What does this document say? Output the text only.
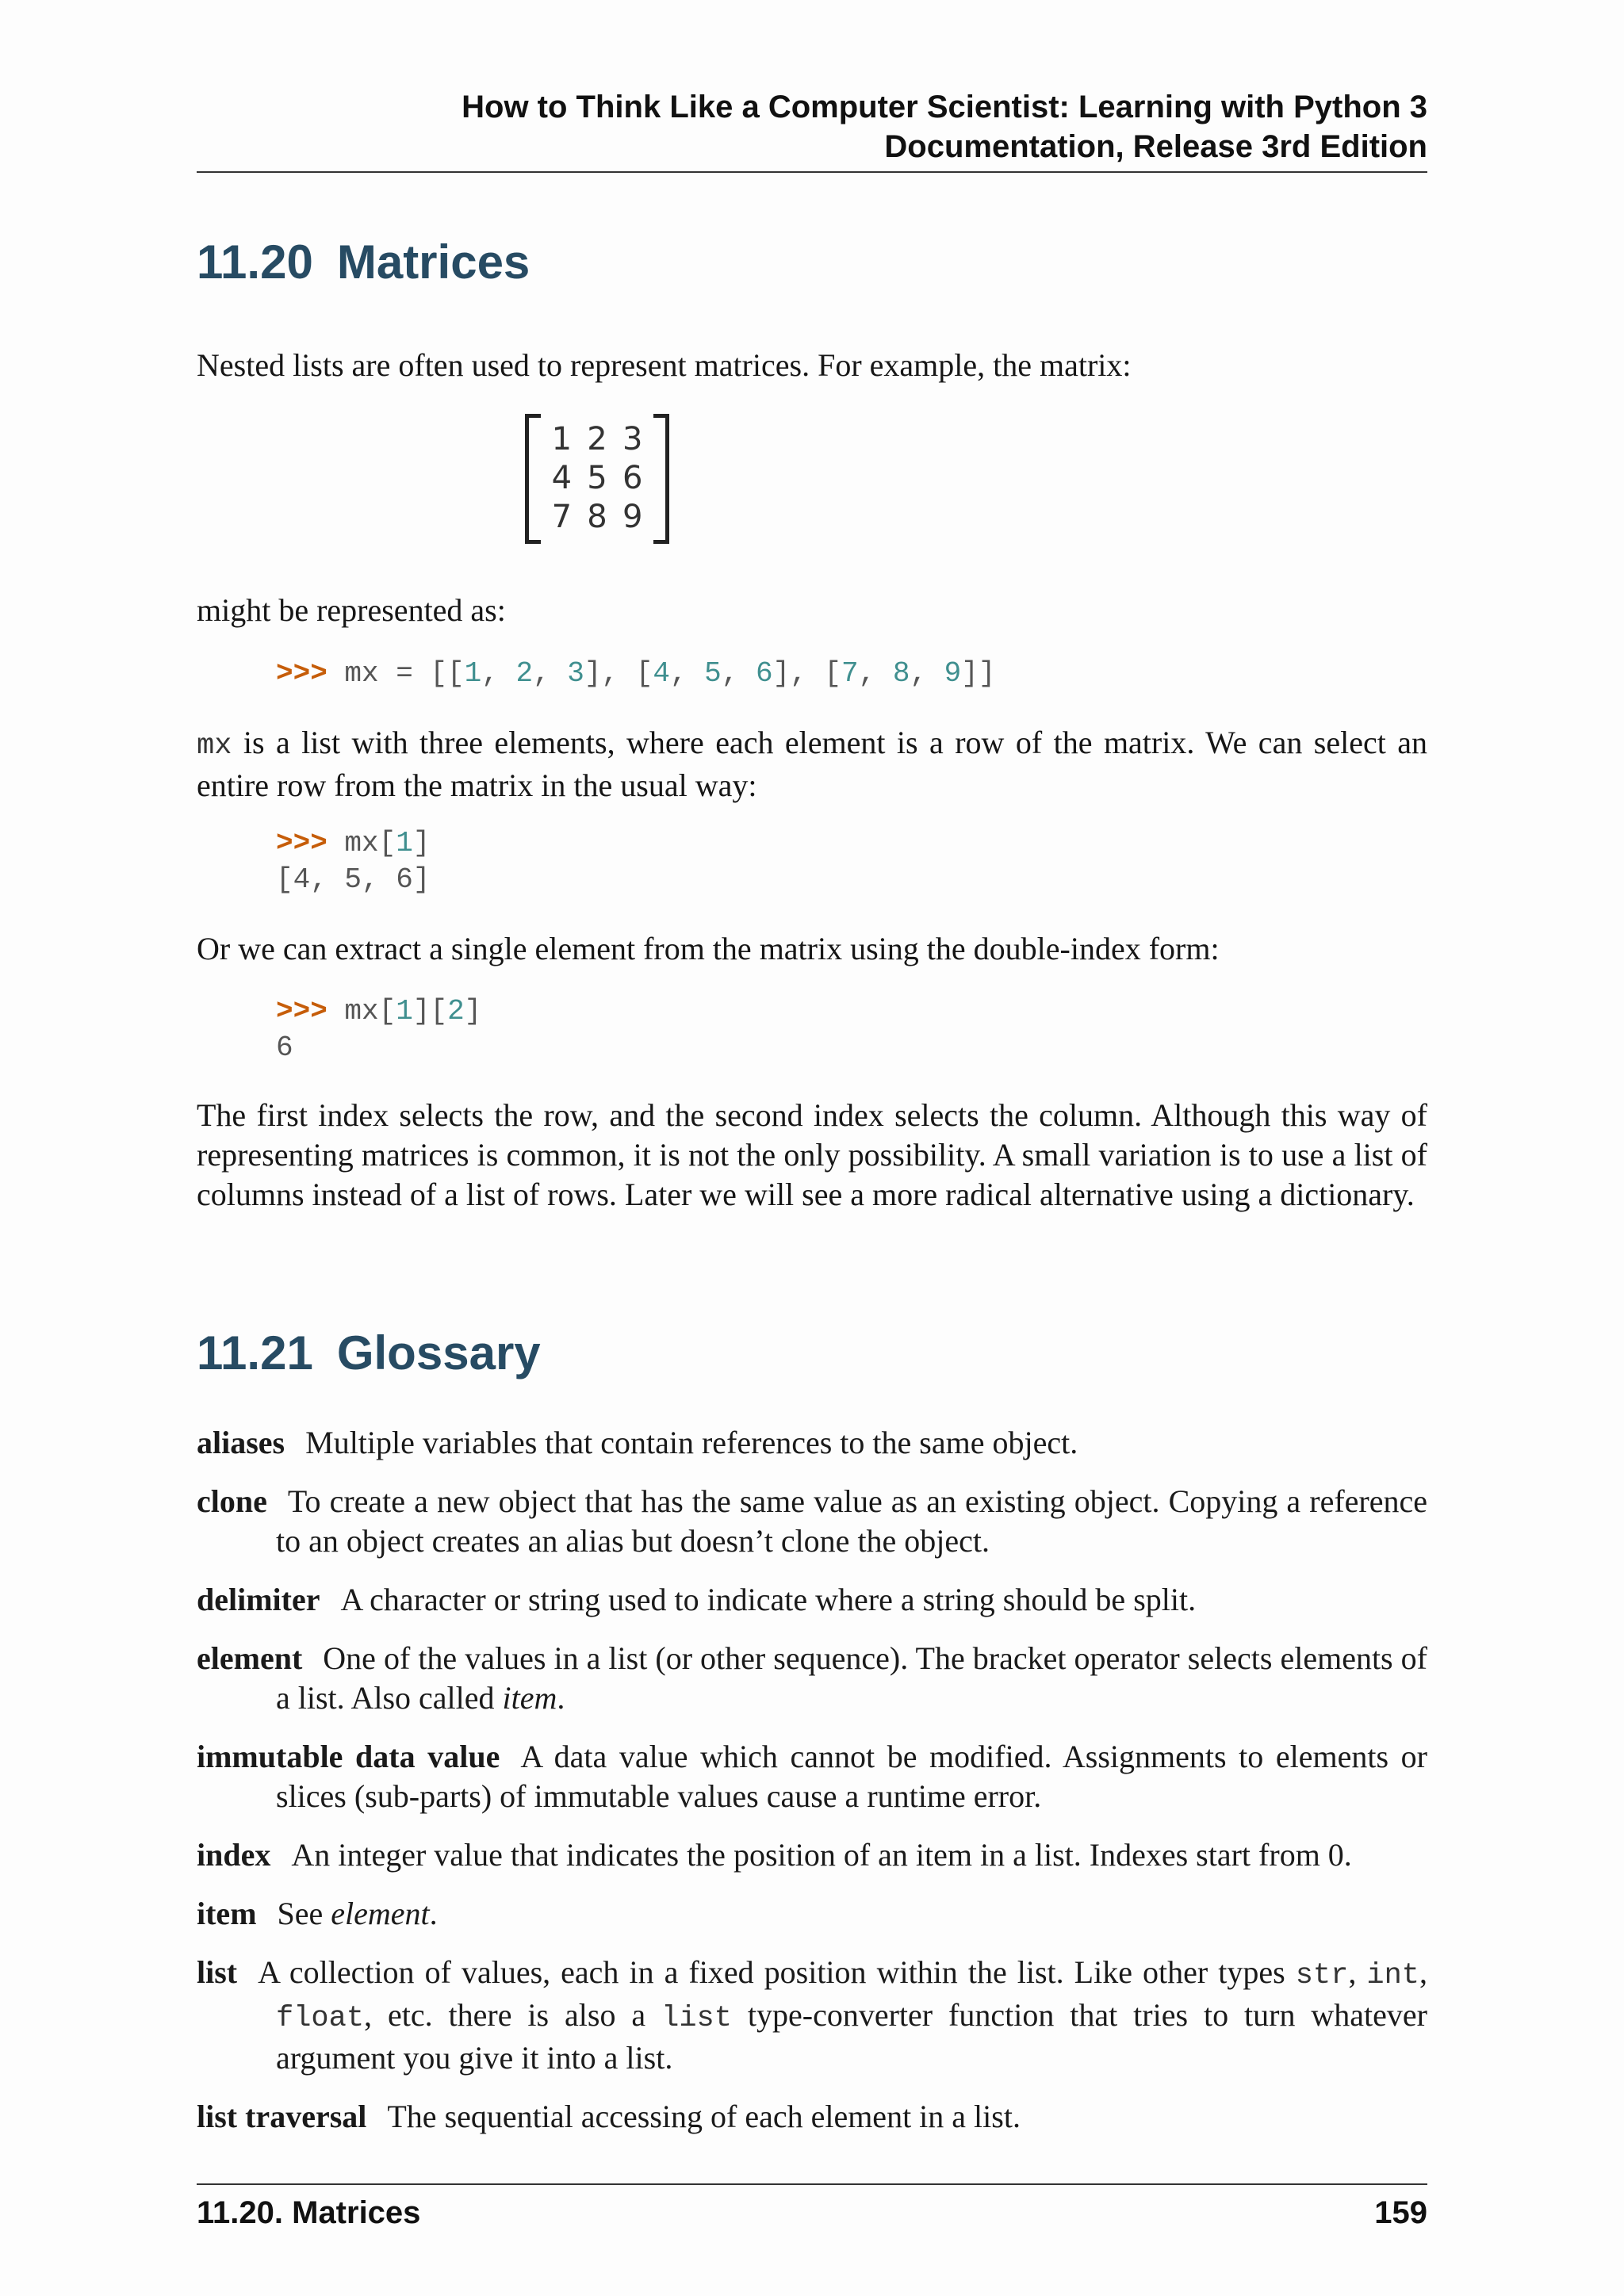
How to Think Like a Computer Scientist: Learning with Python 3
Documentation, Release 3rd Edition
11.20 Matrices

Nested lists are often used to represent matrices. For example, the matrix:

1 2 3
4 5 6
7 8 9

might be represented as:

>>> mx = [[1, 2, 3], [4, 5, 6], [7, 8, 9]]

mx is a list with three elements, where each element is a row of the matrix. We can select an entire row from the matrix in the usual way:

>>> mx[1]
[4, 5, 6]

Or we can extract a single element from the matrix using the double-index form:

>>> mx[1][2]
6

The first index selects the row, and the second index selects the column. Although this way of representing matrices is common, it is not the only possibility. A small variation is to use a list of columns instead of a list of rows. Later we will see a more radical alternative using a dictionary.

11.21 Glossary

aliases Multiple variables that contain references to the same object.

clone To create a new object that has the same value as an existing object. Copying a reference to an object creates an alias but doesn’t clone the object.

delimiter A character or string used to indicate where a string should be split.

element One of the values in a list (or other sequence). The bracket operator selects elements of a list. Also called item.

immutable data value A data value which cannot be modified. Assignments to elements or slices (sub-parts) of immutable values cause a runtime error.

index An integer value that indicates the position of an item in a list. Indexes start from 0.

item See element.

list A collection of values, each in a fixed position within the list. Like other types str, int, float, etc. there is also a list type-converter function that tries to turn whatever argument you give it into a list.

list traversal The sequential accessing of each element in a list.

11.20. Matrices	159
